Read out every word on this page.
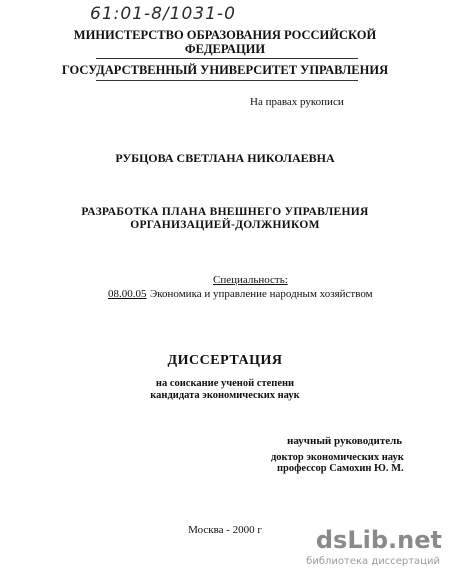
61:01-8/1031-0
МИНИСТЕРСТВО ОБРАЗОВАНИЯ РОССИЙСКОЙ
ФЕДЕРАЦИИ
ГОСУДАРСТВЕННЫЙ УНИВЕРСИТЕТ УПРАВЛЕНИЯ
На правах рукописи
РУБЦОВА СВЕТЛАНА НИКОЛАЕВНА
РАЗРАБОТКА ПЛАНА ВНЕШНЕГО УПРАВЛЕНИЯ
ОРГАНИЗАЦИЕЙ-ДОЛЖНИКОМ
Специальность:
08.00.05 Экономика и управление народным хозяйством
ДИССЕРТАЦИЯ
на соискание ученой степени
кандидата экономических наук
научный руководитель
доктор экономических наук
профессор Самохин Ю. М.
Москва - 2000 г	dsLib.net
библиотека диссертаций
